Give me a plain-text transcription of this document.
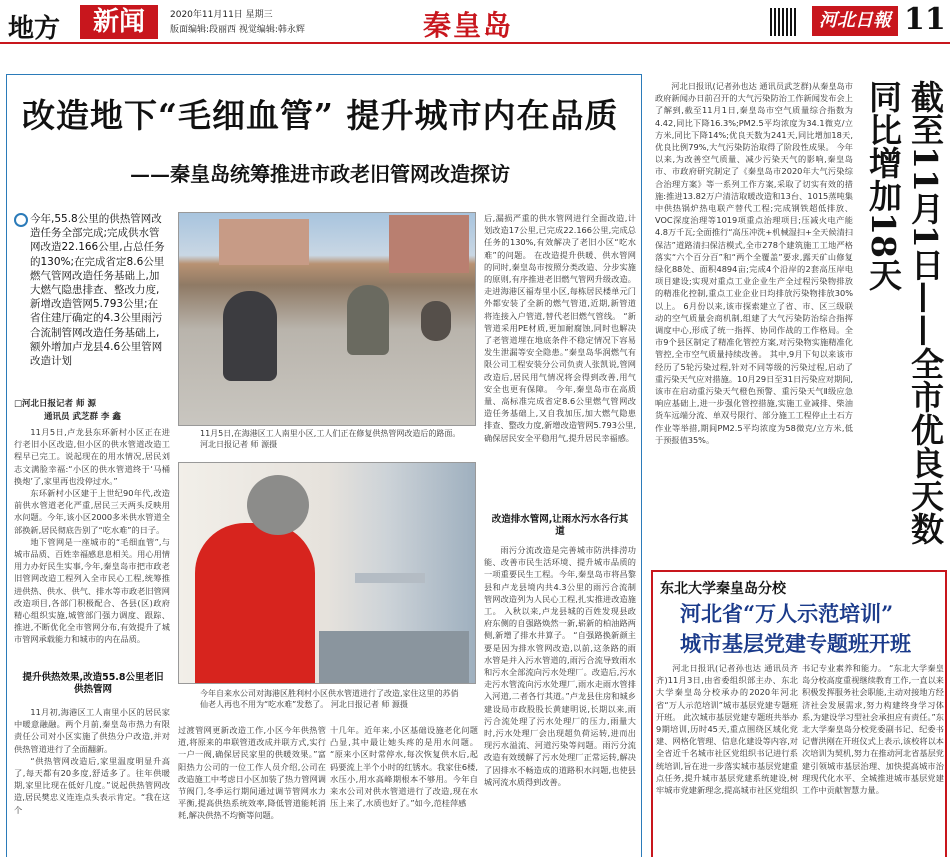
地方	新闻	2020年11月11日 星期三
版面编辑:段丽西 视觉编辑:韩永辉	秦皇岛	河北日報 11
改造地下“毛细血管” 提升城市内在品质
——秦皇岛统筹推进市政老旧管网改造探访
今年,55.8公里的供热管网改造任务全部完成;完成供水管网改造22.166公里,占总任务的130%;在完成省定8.6公里燃气管网改造任务基础上,加大燃气隐患排查、整改力度,新增改造管网5.793公里;在省住建厅确定的4.3公里雨污合流制管网改造任务基础上,额外增加卢龙县4.6公里管网改造计划
□河北日报记者 师 源
通讯员 武芝群 李 鑫

11月5日,卢龙县东环新村小区正在进行老旧小区改造,但小区的供水管道改造工程早已完工。说起现在的用水情况,居民刘志文满脸幸福:“小区的供水管道终于‘马桶换炮’了,家里再也没停过水。”

东环新村小区建于上世纪90年代,改造前供水管道老化严重,居民三天两头反映用水问题。今年,该小区2000多米供水管道全部换新,居民彻底告别了“吃水难”的日子。

地下管网是一座城市的“毛细血管”,与城市品质、百姓幸福感息息相关。用心用情用力办好民生实事,今年,秦皇岛市把市政老旧管网改造工程列入全市民心工程,统筹推进供热、供水、供气、排水等市政老旧管网改造项目,各部门积极配合、各县(区)政府精心组织实施,城管部门强力调度、跟踪、推进,不断优化全市管网分布,有效提升了城市管网承载能力和城市的内在品质。

提升供热效果,改造55.8公里老旧供热管网

11月初,海港区工人南里小区的居民家中暖意融融。两个月前,秦皇岛市热力有限责任公司对小区实施了供热分户改造,并对供热管道进行了全面翻新。

“供热管网改造后,家里温度明显升高了,每天都有20多度,舒适多了。往年供暖期,家里比现在低好几度。”说起供热管网改造,居民樊忠义连连点头表示肯定。“我在这个

11月5日,在海港区工人南里小区,工人们正在修复供热管网改造后的路面。 河北日报记者 师 源摄
今年自来水公司对海港区胜利村小区供水管道进行了改造,家住这里的苏俏仙老人再也不用为“吃水难”发愁了。 河北日报记者 师 源摄

过渡管网更新改造工作,小区今年供热管道,将原来的串联管道改成并联方式,实行一户一阀,确保居民家里的供暖效果。”富阳热力公司的一位工作人员介绍,公司在改造施工中考虑日小区加装了热力管网调节阀门,冬季运行期间通过调节管网水力平衡,提高供热系统效率,降低管道能耗消耗,解决供热不均衡等问题。

十几年。近年来,小区基础设施老化问题凸显,其中最让她头疼的是用水问题。 “原来小区时常停水,每次恢复供水后,起码要流上半个小时的红锈水。我家住6楼,水压小,用水高峰期根本不够用。今年自来水公司对供水管道进行了改造,现在水压上来了,水质也好了。”如今,范桂萍感

后,漏损严重的供水管网进行全面改造,计划改造17公里,已完成22.166公里,完成总任务的130%,有效解决了老旧小区“吃水难”的问题。 在改造提升供暖、供水管网的同时,秦皇岛市按照分类改造、分步实施的原则,有序推进老旧燃气管网升级改造。 走进海港区福寿里小区,每栋居民楼单元门外都安装了全新的燃气管道,近期,新管道将连接入户管道,替代老旧燃气管线。 “新管道采用PE材质,更加耐腐蚀,同时也解决了老管道埋在地底条件不稳定情况下容易发生泄漏等安全隐患。”秦皇岛华润燃气有限公司工程安装分公司负责人张凯说,管网改造后,居民用气情况将会得到改善,用气安全也更有保障。 今年,秦皇岛市在高质量、高标准完成省定8.6公里燃气管网改造任务基础上,又自我加压,加大燃气隐患排查、整改力度,新增改造管网5.793公里,确保居民安全平稳用气,提升居民幸福感。

改造排水管网,让雨水污水各行其道

雨污分流改造是完善城市防洪排涝功能、改善市民生活环境、提升城市品质的一项重要民生工程。今年,秦皇岛市将昌黎县和卢龙县境内共4.3公里的雨污合流制管网改造列为人民心工程,扎实推进改造施工。 入秋以来,卢龙县城的百姓发现县政府东侧的自强路焕然一新,崭新的柏油路两侧,新增了排水井算子。 “自强路换新颜主要是因为排水管网改造,以前,这条路的雨水管是并入污水管道的,雨污合流导致雨水和污水全部流向污水处理厂。改造后,污水走污水管流向污水处理厂,雨水走雨水管排入河道,二者各行其道。”卢龙县住房和城乡建设局市政股股长黄建明说,长期以来,雨污合流处理了污水处理厂的压力,雨量大时,污水处理厂会出现超负荷运转,进而出现污水溢流、河道污染等问题。雨污分流改造有效缓解了污水处理厂正常运转,解决了因排水不畅造成的道路积水问题,也使县城河流水质得到改善。

截至11月1日——全市优良天数同比增加18天

河北日报讯(记者孙也达 通讯员武芝群)从秦皇岛市政府新闻办日前召开的大气污染防治工作新闻发布会上了解到,截至11月1日,秦皇岛市空气质量综合指数为4.42,同比下降16.3%;PM2.5平均浓度为34.1微克/立方米,同比下降14%;优良天数为241天,同比增加18天,优良比例79%,大气污染防治取得了阶段性成果。 今年以来,为改善空气质量、减少污染天气的影响,秦皇岛市、市政府研究制定了《秦皇岛市2020年大气污染综合治理方案》等一系列工作方案,采取了切实有效的措施:推进13.82万户清洁取暖改造和13台、1015蒸吨集中供热锅炉热电联产替代工程;完成钢铁超低排放、VOC深度治理等1019项重点治理项目;压减火电产能4.8万千瓦;全面推行“高压冲洗+机械湿扫+全天候清扫保洁”道路清扫保洁模式,全市278个建筑施工工地严格落实“六个百分百”和“两个全覆盖”要求,露天矿山修复绿化88处、面积4894亩;完成4个沿岸的2套高压岸电项目建设;实现对重点工业企业生产全过程污染物排放的精准化控制,重点工业企业日均排放污染物排放30%以上。 6月份以来,该市探索建立了省、市、区三级联动的空气质量会商机制,组建了大气污染防治综合指挥调度中心,形成了统一指挥、协同作战的工作格局。全市9个县区制定了精准化管控方案,对污染物实施精准化管控,全市空气质量持续改善。 其中,9月下旬以来该市经历了5轮污染过程,针对不同等级的污染过程,启动了重污染天气应对措施。10月29日至31日污染应对期间,该市在启动重污染天气橙色预警、重污染天气Ⅱ级应急响应基础上,进一步强化管控措施,实施工业减排、柴油货车远端分流、单双号限行、部分施工工程停止土石方作业等举措,期间PM2.5平均浓度为58微克/立方米,低于预报值35%。

东北大学秦皇岛分校
河北省“万人示范培训”
城市基层党建专题班开班

河北日报讯(记者孙也达 通讯员齐齐)11月3日,由省委组织部主办、东北大学秦皇岛分校承办的2020年河北省“万人示范培训”城市基层党建专题班开班。 此次城市基层党建专题班共举办9期培训,历时45天,重点围绕区域化党建、网格化管理、信息化建设等内容,对全省近千名城市社区党组织书记进行系统培训,旨在进一步落实城市基层党建重点任务,提升城市基层党建系统建设,树牢城市党建新理念,提高城市社区党组织

书记专业素养和能力。 “东北大学秦皇岛分校高度重视继续教育工作,一直以来积极发挥服务社会职能,主动对接地方经济社会发展需求,努力构建终身学习体系,为建设学习型社会承担应有责任。”东北大学秦皇岛分校党委副书记、纪委书记曹洪刚在开班仪式上表示,该校将以本次培训为契机,努力在推动河北省基层党建引领城市基层治理、加快提高城市治理现代化水平、全城推进城市基层党建工作中贡献智慧力量。
